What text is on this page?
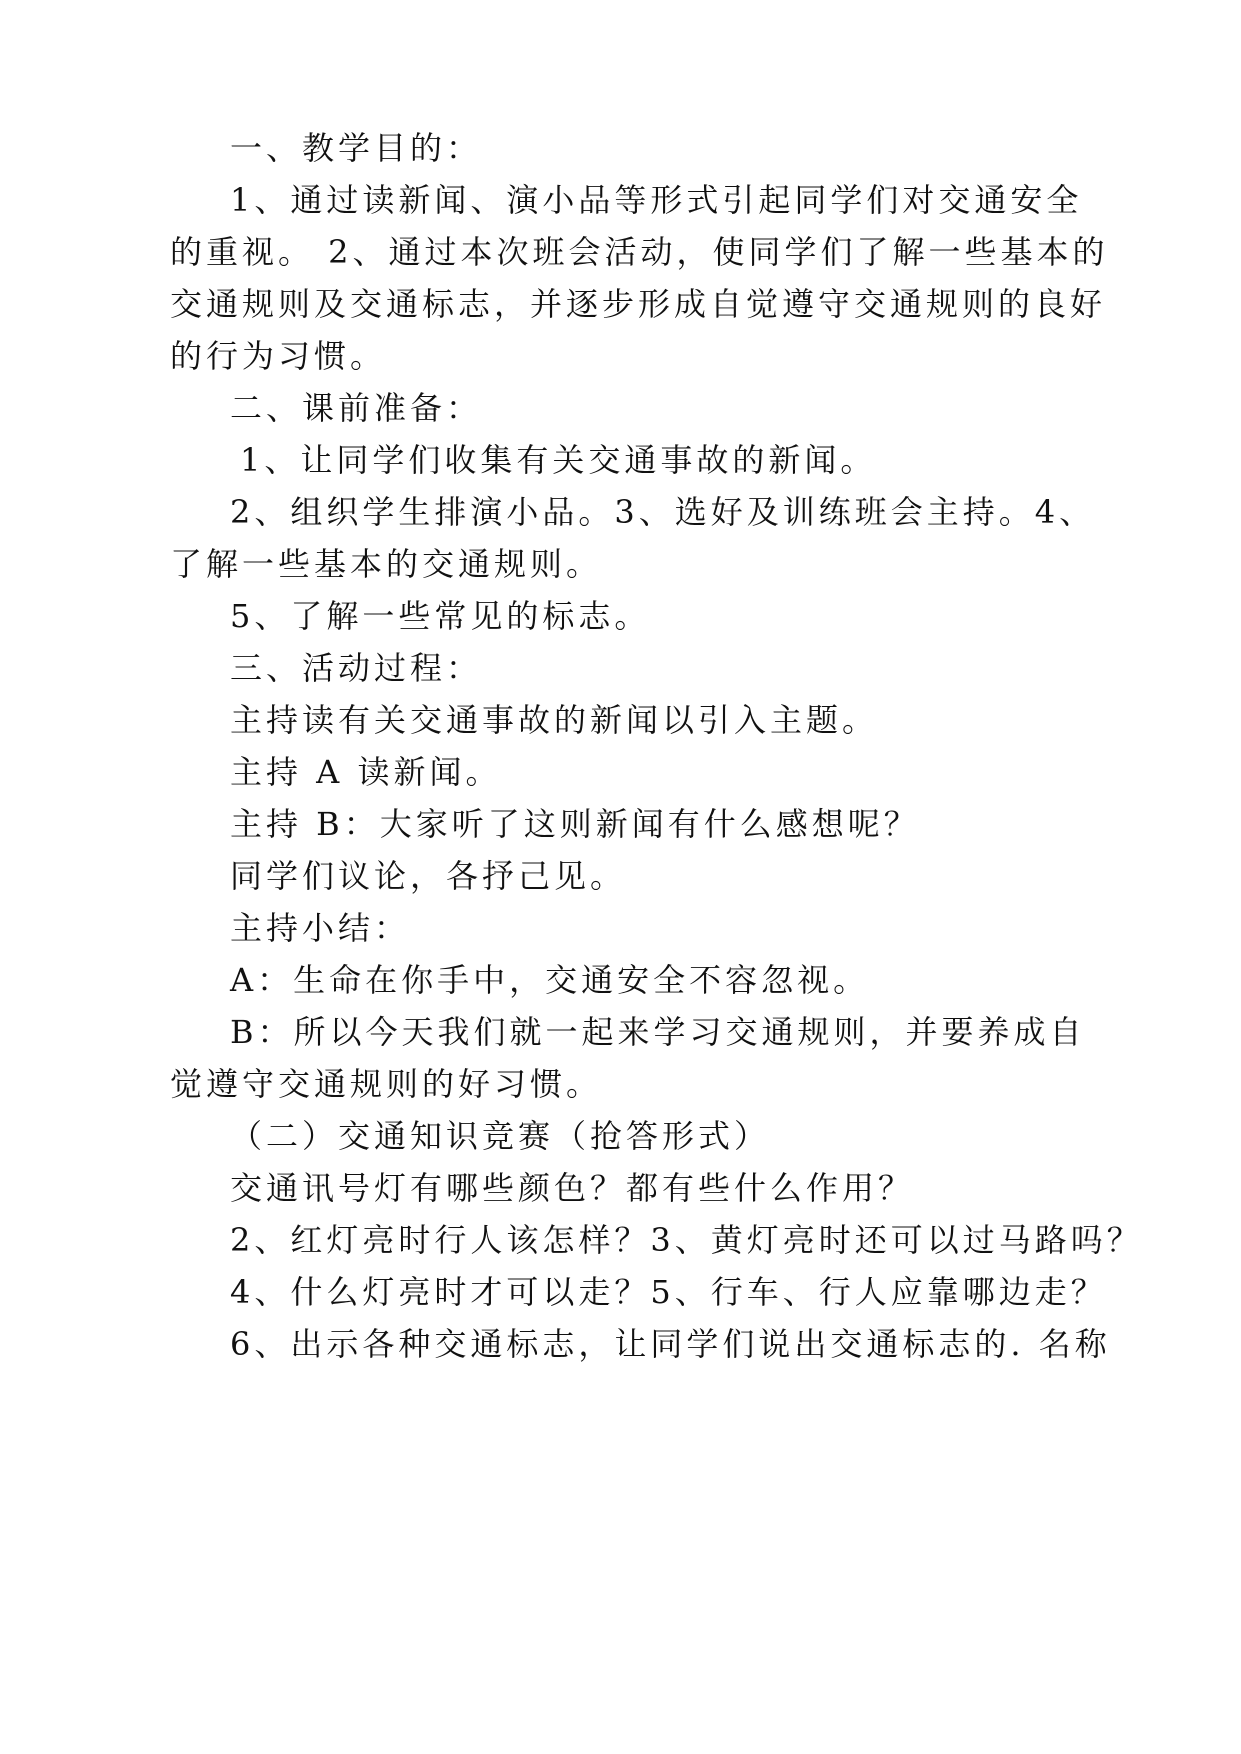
一、教学目的：
1、通过读新闻、演小品等形式引起同学们对交通安全
的重视。 2、通过本次班会活动，使同学们了解一些基本的
交通规则及交通标志，并逐步形成自觉遵守交通规则的良好
的行为习惯。
二、课前准备：
1、让同学们收集有关交通事故的新闻。
2、组织学生排演小品。3、选好及训练班会主持。4、
了解一些基本的交通规则。
5、了解一些常见的标志。
三、活动过程：
主持读有关交通事故的新闻以引入主题。
主持 A 读新闻。
主持 B：大家听了这则新闻有什么感想呢？
同学们议论，各抒己见。
主持小结：
A：生命在你手中，交通安全不容忽视。
B：所以今天我们就一起来学习交通规则，并要养成自
觉遵守交通规则的好习惯。
（二）交通知识竞赛（抢答形式）
交通讯号灯有哪些颜色？都有些什么作用？
2、红灯亮时行人该怎样？3、黄灯亮时还可以过马路吗？
4、什么灯亮时才可以走？5、行车、行人应靠哪边走？
6、出示各种交通标志，让同学们说出交通标志的. 名称
